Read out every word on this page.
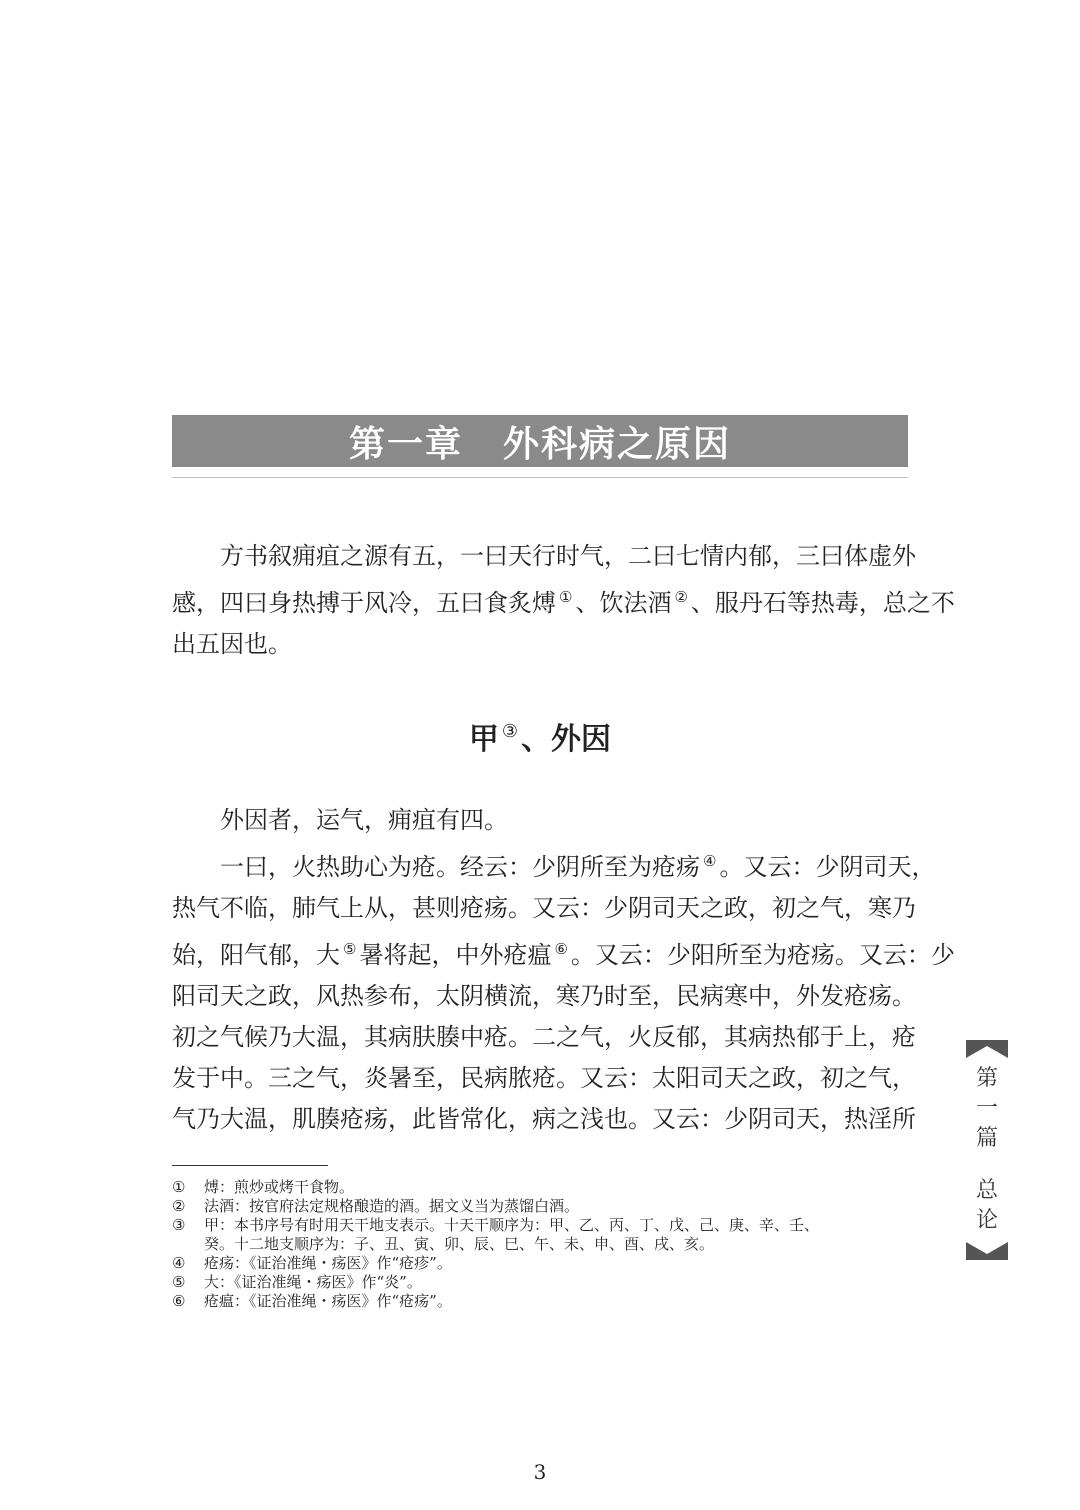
第一章 外科病之原因
方书叙痈疽之源有五，一曰天行时气，二曰七情内郁，三曰体虚外
感，四曰身热搏于风冷，五曰食炙煿 ① 、饮法酒 ② 、服丹石等热毒，总之不
出五因也。
甲 ③ 、外因
外因者，运气，痈疽有四。
一曰，火热助心为疮。经云：少阴所至为疮疡 ④ 。又云：少阴司天，
热气不临，肺气上从，甚则疮疡。又云：少阴司天之政，初之气，寒乃
始，阳气郁，大 ⑤ 暑将起，中外疮瘟 ⑥ 。又云：少阳所至为疮疡。又云：少
阳司天之政，风热参布，太阴横流，寒乃时至，民病寒中，外发疮疡。
初之气候乃大温，其病肤腠中疮。二之气，火反郁，其病热郁于上，疮
发于中。三之气，炎暑至，民病脓疮。又云：太阳司天之政，初之气，
气乃大温，肌腠疮疡，此皆常化，病之浅也。又云：少阴司天，热淫所
①	煿：煎炒或烤干食物。
②	法酒：按官府法定规格酿造的酒。据文义当为蒸馏白酒。
③	甲：本书序号有时用天干地支表示。十天干顺序为：甲、乙、丙、丁、戊、己、庚、辛、壬、
癸。十二地支顺序为：子、丑、寅、卯、辰、巳、午、未、申、酉、戌、亥。
④	疮疡：《证治准绳・疡医》作“疮疹”。
⑤	大：《证治准绳・疡医》作“炎”。
⑥	疮瘟：《证治准绳・疡医》作“疮疡”。
第
一
篇
总
论
3
